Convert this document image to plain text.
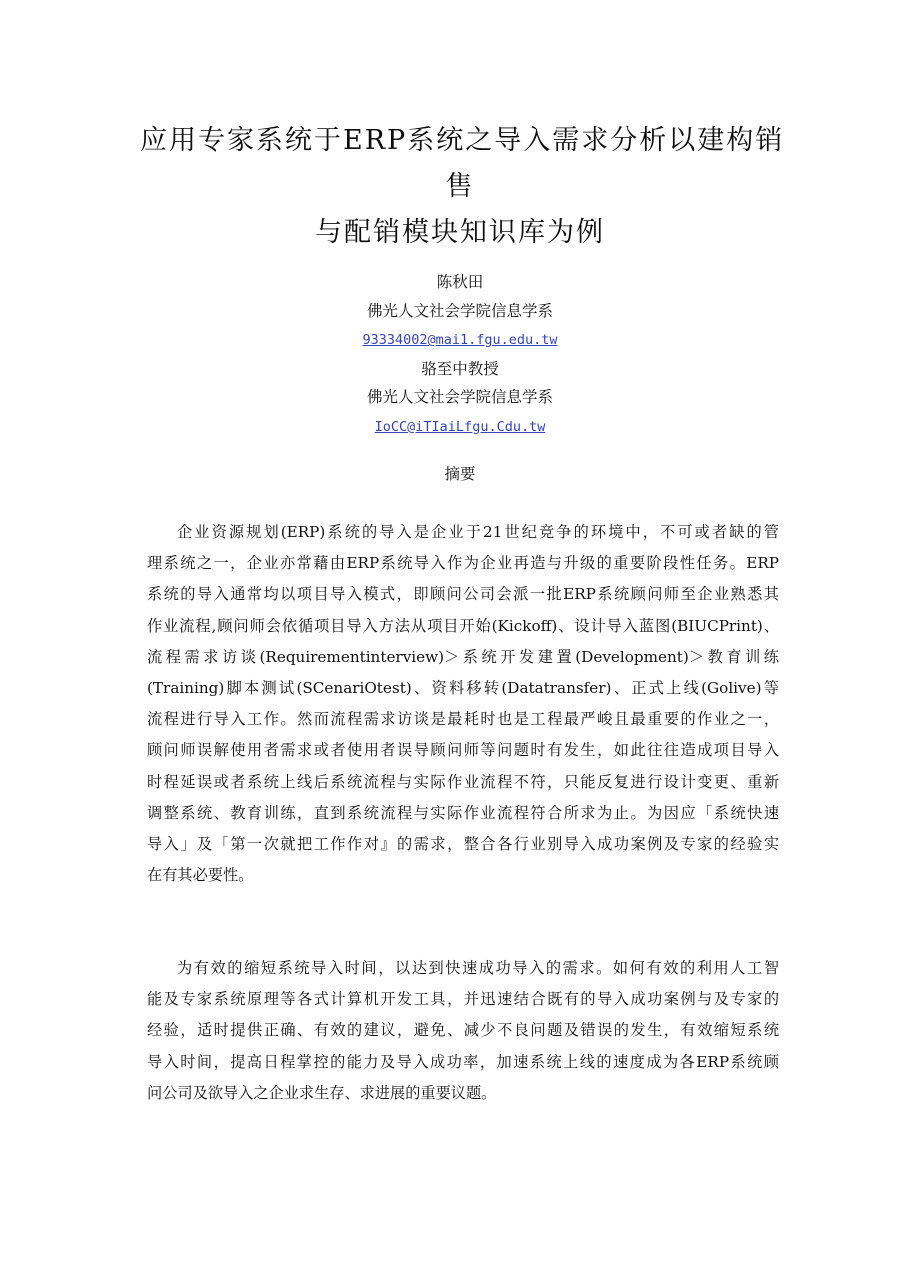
应用专家系统于ERP系统之导入需求分析以建构销
售
与配销模块知识库为例
陈秋田
佛光人文社会学院信息学系
93334002@mai1.fgu.edu.tw
骆至中教授
佛光人文社会学院信息学系
IoCC@iTIaiLfgu.Cdu.tw
摘要
企业资源规划(ERP)系统的导入是企业于21世纪竞争的环境中，不可或者缺的管
理系统之一，企业亦常藉由ERP系统导入作为企业再造与升级的重要阶段性任务。ERP
系统的导入通常均以项目导入模式，即顾问公司会派一批ERP系统顾问师至企业熟悉其
作业流程,顾问师会依循项目导入方法从项目开始(Kickoff)、设计导入蓝图(BIUCPrint)、
流程需求访谈(Requirementinterview)＞系统开发建置(Development)＞教育训练
(Training)脚本测试(SCenariOtest)、资料移转(Datatransfer)、正式上线(Golive)等
流程进行导入工作。然而流程需求访谈是最耗时也是工程最严峻且最重要的作业之一，
顾问师误解使用者需求或者使用者误导顾问师等问题时有发生，如此往往造成项目导入
时程延误或者系统上线后系统流程与实际作业流程不符，只能反复进行设计变更、重新
调整系统、教育训练，直到系统流程与实际作业流程符合所求为止。为因应「系统快速
导入」及「第一次就把工作作对』的需求，整合各行业别导入成功案例及专家的经验实
在有其必要性。
为有效的缩短系统导入时间，以达到快速成功导入的需求。如何有效的利用人工智
能及专家系统原理等各式计算机开发工具，并迅速结合既有的导入成功案例与及专家的
经验，适时提供正确、有效的建议，避免、减少不良问题及错误的发生，有效缩短系统
导入时间，提高日程掌控的能力及导入成功率，加速系统上线的速度成为各ERP系统顾
问公司及欲导入之企业求生存、求进展的重要议题。
